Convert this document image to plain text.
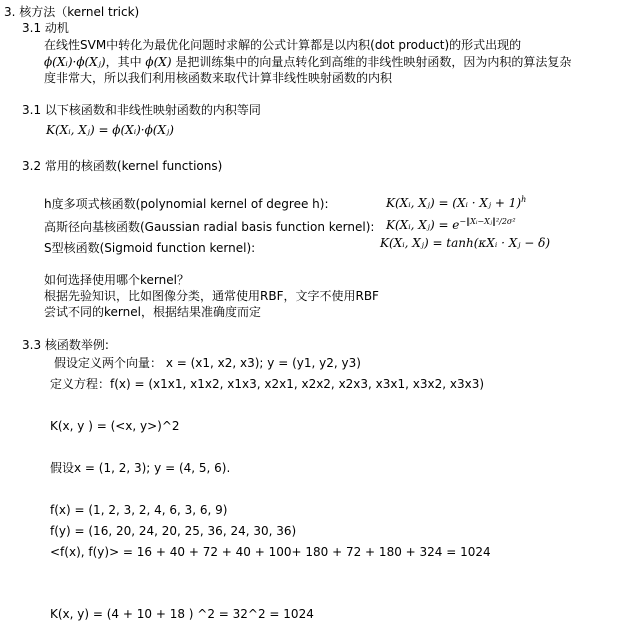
3. 核方法（kernel trick)
3.1 动机
在线性SVM中转化为最优化问题时求解的公式计算都是以内积(dot product)的形式出现的
ϕ(Xᵢ)·ϕ(Xⱼ)，其中 ϕ(X) 是把训练集中的向量点转化到高维的非线性映射函数，因为内积的算法复杂
度非常大，所以我们利用核函数来取代计算非线性映射函数的内积
3.1 以下核函数和非线性映射函数的内积等同
K(Xᵢ, Xⱼ) = ϕ(Xᵢ)·ϕ(Xⱼ)
3.2 常用的核函数(kernel functions)
h度多项式核函数(polynomial kernel of degree h):	K(Xᵢ, Xⱼ) = (Xᵢ · Xⱼ + 1)$^h$
高斯径向基核函数(Gaussian radial basis function kernel): K(Xᵢ, Xⱼ) = $e^{-‖Xᵢ-Xⱼ‖^2/2\sigma^2}$
S型核函数(Sigmoid function kernel):	K(Xᵢ, Xⱼ) = tanh(κXᵢ · Xⱼ − δ)
如何选择使用哪个kernel？
根据先验知识，比如图像分类，通常使用RBF，文字不使用RBF
尝试不同的kernel，根据结果准确度而定
3.3 核函数举例:
假设定义两个向量： x = (x1, x2, x3); y = (y1, y2, y3)
定义方程：f(x) = (x1x1, x1x2, x1x3, x2x1, x2x2, x2x3, x3x1, x3x2, x3x3)
K(x, y ) = (<x, y>)^2
假设x = (1, 2, 3); y = (4, 5, 6).
f(x) = (1, 2, 3, 2, 4, 6, 3, 6, 9)
f(y) = (16, 20, 24, 20, 25, 36, 24, 30, 36)
<f(x), f(y)> = 16 + 40 + 72 + 40 + 100+ 180 + 72 + 180 + 324 = 1024
K(x, y) = (4 + 10 + 18 ) ^2 = 32^2 = 1024
